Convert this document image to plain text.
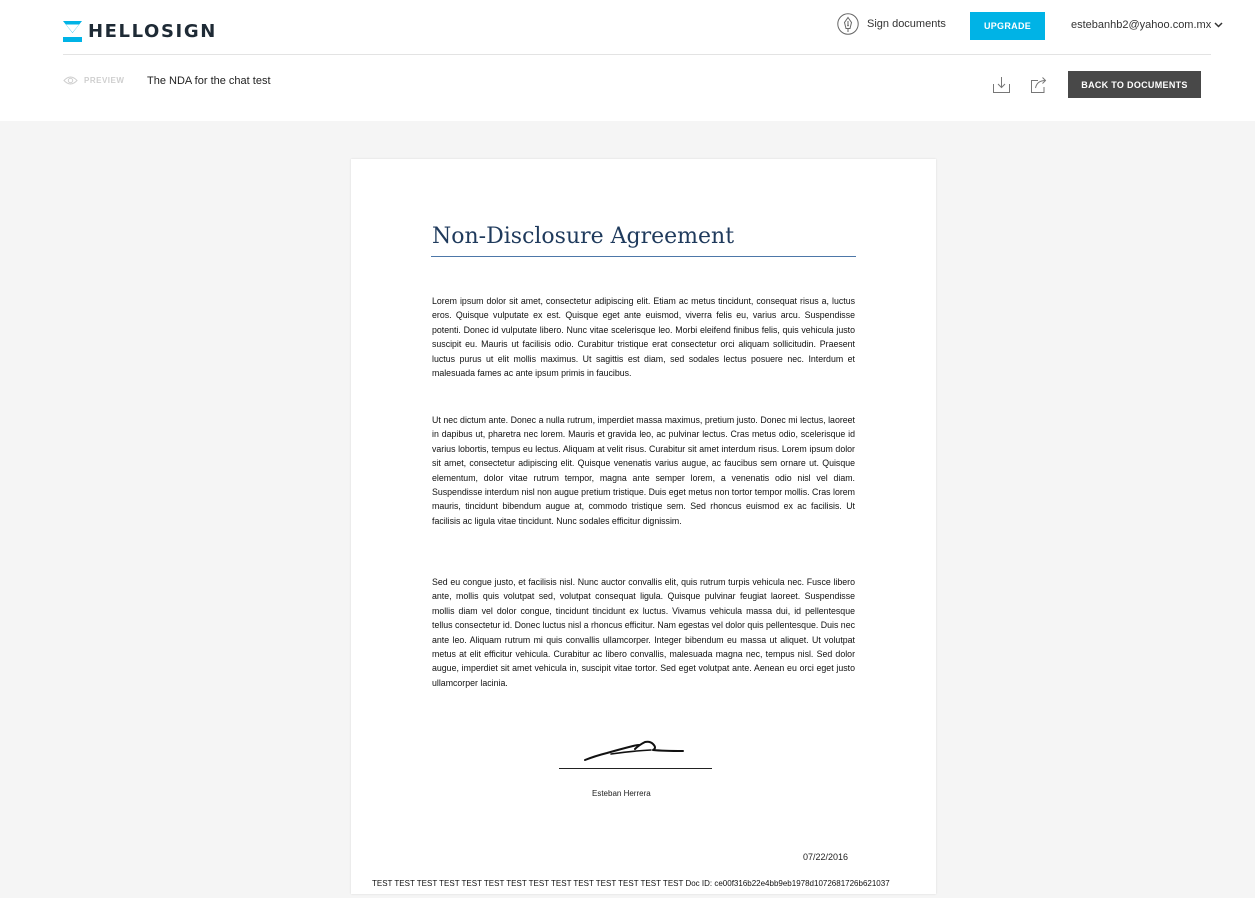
HELLOSIGN	Sign documents	UPGRADE	estebanhb2@yahoo.com.mx
PREVIEW The NDA for the chat test	BACK TO DOCUMENTS
Non-Disclosure Agreement

Lorem ipsum dolor sit amet, consectetur adipiscing elit. Etiam ac metus tincidunt, consequat risus a, luctus eros. Quisque vulputate ex est. Quisque eget ante euismod, viverra felis eu, varius arcu. Suspendisse potenti. Donec id vulputate libero. Nunc vitae scelerisque leo. Morbi eleifend finibus felis, quis vehicula justo suscipit eu. Mauris ut facilisis odio. Curabitur tristique erat consectetur orci aliquam sollicitudin. Praesent luctus purus ut elit mollis maximus. Ut sagittis est diam, sed sodales lectus posuere nec. Interdum et malesuada fames ac ante ipsum primis in faucibus.

Ut nec dictum ante. Donec a nulla rutrum, imperdiet massa maximus, pretium justo. Donec mi lectus, laoreet in dapibus ut, pharetra nec lorem. Mauris et gravida leo, ac pulvinar lectus. Cras metus odio, scelerisque id varius lobortis, tempus eu lectus. Aliquam at velit risus. Curabitur sit amet interdum risus. Lorem ipsum dolor sit amet, consectetur adipiscing elit. Quisque venenatis varius augue, ac faucibus sem ornare ut. Quisque elementum, dolor vitae rutrum tempor, magna ante semper lorem, a venenatis odio nisl vel diam. Suspendisse interdum nisl non augue pretium tristique. Duis eget metus non tortor tempor mollis. Cras lorem mauris, tincidunt bibendum augue at, commodo tristique sem. Sed rhoncus euismod ex ac facilisis. Ut facilisis ac ligula vitae tincidunt. Nunc sodales efficitur dignissim.

Sed eu congue justo, et facilisis nisl. Nunc auctor convallis elit, quis rutrum turpis vehicula nec. Fusce libero ante, mollis quis volutpat sed, volutpat consequat ligula. Quisque pulvinar feugiat laoreet. Suspendisse mollis diam vel dolor congue, tincidunt tincidunt ex luctus. Vivamus vehicula massa dui, id pellentesque tellus consectetur id. Donec luctus nisl a rhoncus efficitur. Nam egestas vel dolor quis pellentesque. Duis nec ante leo. Aliquam rutrum mi quis convallis ullamcorper. Integer bibendum eu massa ut aliquet. Ut volutpat metus at elit efficitur vehicula. Curabitur ac libero convallis, malesuada magna nec, tempus nisl. Sed dolor augue, imperdiet sit amet vehicula in, suscipit vitae tortor. Sed eget volutpat ante. Aenean eu orci eget justo ullamcorper lacinia.

Esteban Herrera
07/22/2016
TEST TEST TEST TEST TEST TEST TEST TEST TEST TEST TEST TEST TEST TEST Doc ID: ce00f316b22e4bb9eb1978d1072681726b621037
